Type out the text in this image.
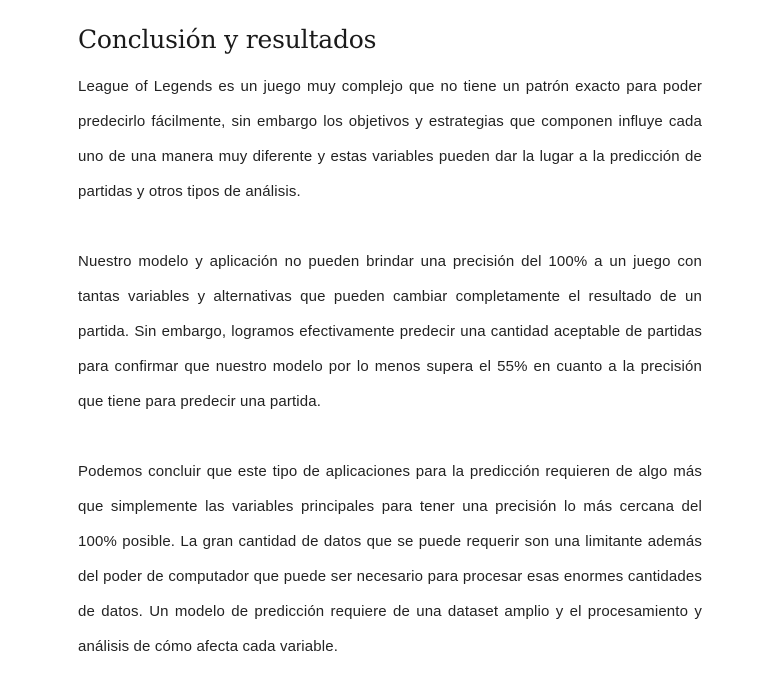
Conclusión y resultados

League of Legends es un juego muy complejo que no tiene un patrón exacto para poder predecirlo fácilmente, sin embargo los objetivos y estrategias que componen influye cada uno de una manera muy diferente y estas variables pueden dar la lugar a la predicción de partidas y otros tipos de análisis.

Nuestro modelo y aplicación no pueden brindar una precisión del 100% a un juego con tantas variables y alternativas que pueden cambiar completamente el resultado de un partida. Sin embargo, logramos efectivamente predecir una cantidad aceptable de partidas para confirmar que nuestro modelo por lo menos supera el 55% en cuanto a la precisión que tiene para predecir una partida.

Podemos concluir que este tipo de aplicaciones para la predicción requieren de algo más que simplemente las variables principales para tener una precisión lo más cercana del 100% posible. La gran cantidad de datos que se puede requerir son una limitante además del poder de computador que puede ser necesario para procesar esas enormes cantidades de datos. Un modelo de predicción requiere de una dataset amplio y el procesamiento y análisis de cómo afecta cada variable.
